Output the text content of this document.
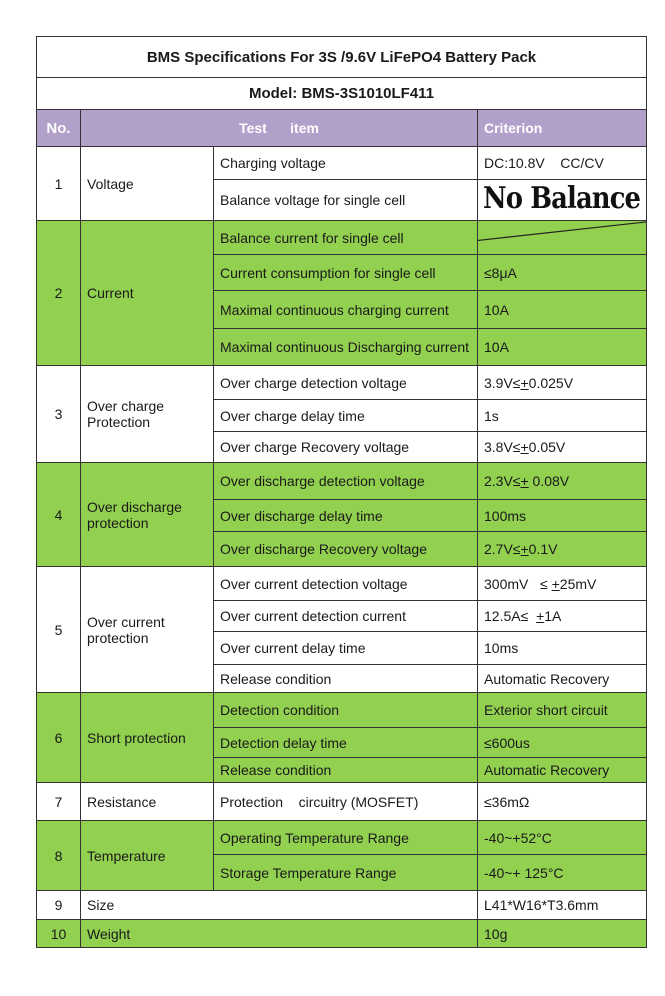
BMS Specifications For 3S /9.6V LiFePO4 Battery Pack			
Model: BMS-3S1010LF411			
No.	Test      item		Criterion
1	Voltage	Charging voltage	DC:10.8V    CC/CV
		Balance voltage for single cell	No Balance

2	Current	Balance current for single cell	

		Current consumption for single cell	≤8μA
		Maximal continuous charging current	10A
		Maximal continuous Discharging current	10A
3	Over charge Protection	Over charge detection voltage	3.9V≤+0.025V
		Over charge delay time	1s
		Over charge Recovery voltage	3.8V≤+0.05V
4	Over discharge protection	Over discharge detection voltage	2.3V≤+ 0.08V
		Over discharge delay time	100ms
		Over discharge Recovery voltage	2.7V≤+0.1V
5	Over current protection	Over current detection voltage	300mV   ≤ +25mV
		Over current detection current	12.5A≤  +1A
		Over current delay time	10ms
		Release condition	Automatic Recovery
6	Short protection	Detection condition	Exterior short circuit
		Detection delay time	≤600us
		Release condition	Automatic Recovery
7	Resistance	Protection    circuitry (MOSFET)	≤36mΩ
8	Temperature	Operating Temperature Range	-40~+52°C
		Storage Temperature Range	-40~+ 125°C
9	Size		L41*W16*T3.6mm
10	Weight		10g
